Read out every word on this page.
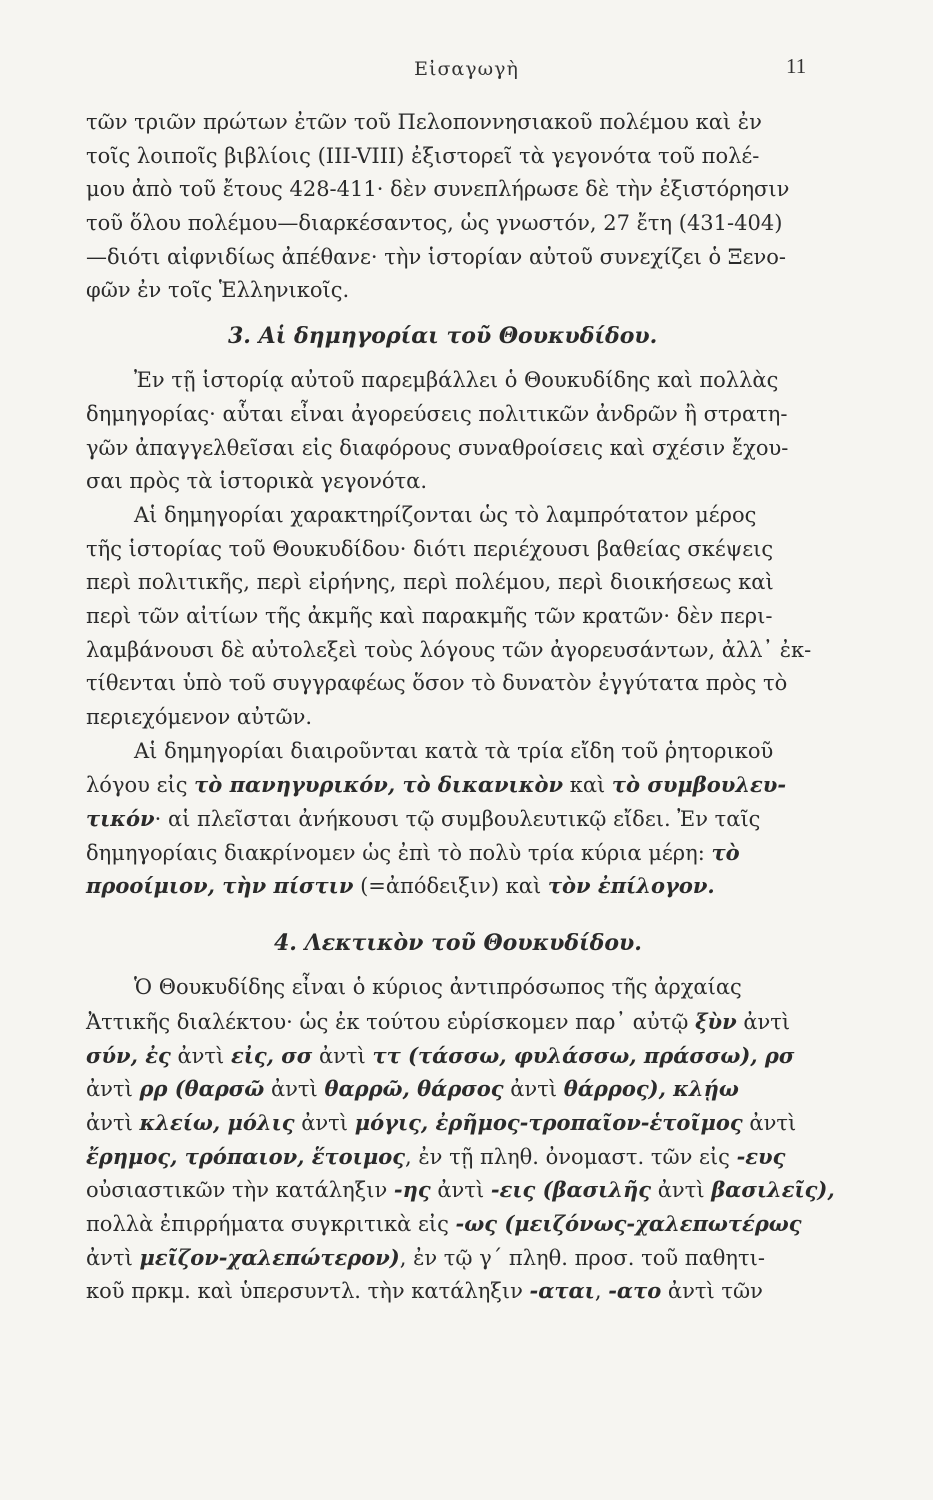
Εἰσαγωγὴ	11
τῶν τριῶν πρώτων ἐτῶν τοῦ Πελοποννησιακοῦ πολέμου καὶ ἐν
τοῖς λοιποῖς βιβλίοις (III-VIII) ἐξιστορεῖ τὰ γεγονότα τοῦ πολέ-
μου ἀπὸ τοῦ ἔτους 428-411· δὲν συνεπλήρωσε δὲ τὴν ἐξιστόρησιν
τοῦ ὅλου πολέμου—διαρκέσαντος, ὡς γνωστόν, 27 ἔτη (431-404)
—διότι αἰφνιδίως ἀπέθανε· τὴν ἱστορίαν αὐτοῦ συνεχίζει ὁ Ξενο-
φῶν ἐν τοῖς Ἑλληνικοῖς.
3. Αἱ δημηγορίαι τοῦ Θουκυδίδου.
Ἐν τῇ ἱστορίᾳ αὐτοῦ παρεμβάλλει ὁ Θουκυδίδης καὶ πολλὰς
δημηγορίας· αὗται εἶναι ἀγορεύσεις πολιτικῶν ἀνδρῶν ἢ στρατη-
γῶν ἀπαγγελθεῖσαι εἰς διαφόρους συναθροίσεις καὶ σχέσιν ἔχου-
σαι πρὸς τὰ ἱστορικὰ γεγονότα.
Αἱ δημηγορίαι χαρακτηρίζονται ὡς τὸ λαμπρότατον μέρος
τῆς ἱστορίας τοῦ Θουκυδίδου· διότι περιέχουσι βαθείας σκέψεις
περὶ πολιτικῆς, περὶ εἰρήνης, περὶ πολέμου, περὶ διοικήσεως καὶ
περὶ τῶν αἰτίων τῆς ἀκμῆς καὶ παρακμῆς τῶν κρατῶν· δὲν περι-
λαμβάνουσι δὲ αὐτολεξεὶ τοὺς λόγους τῶν ἀγορευσάντων, ἀλλ᾽ ἐκ-
τίθενται ὑπὸ τοῦ συγγραφέως ὅσον τὸ δυνατὸν ἐγγύτατα πρὸς τὸ
περιεχόμενον αὐτῶν.
Αἱ δημηγορίαι διαιροῦνται κατὰ τὰ τρία εἴδη τοῦ ῥητορικοῦ
λόγου εἰς τὸ πανηγυρικόν, τὸ δικανικὸν καὶ τὸ συμβουλευ-
τικόν· αἱ πλεῖσται ἀνήκουσι τῷ συμβουλευτικῷ εἴδει. Ἐν ταῖς
δημηγορίαις διακρίνομεν ὡς ἐπὶ τὸ πολὺ τρία κύρια μέρη: τὸ
προοίμιον, τὴν πίστιν (=ἀπόδειξιν) καὶ τὸν ἐπίλογον.
4. Λεκτικὸν τοῦ Θουκυδίδου.
Ὁ Θουκυδίδης εἶναι ὁ κύριος ἀντιπρόσωπος τῆς ἀρχαίας
Ἀττικῆς διαλέκτου· ὡς ἐκ τούτου εὑρίσκομεν παρ᾽ αὐτῷ ξὺν ἀντὶ
σύν, ἐς ἀντὶ εἰς, σσ ἀντὶ ττ (τάσσω, φυλάσσω, πράσσω), ρσ
ἀντὶ ρρ (θαρσῶ ἀντὶ θαρρῶ, θάρσος ἀντὶ θάρρος), κλῄω
ἀντὶ κλείω, μόλις ἀντὶ μόγις, ἐρῆμος-τροπαῖον-ἑτοῖμος ἀντὶ
ἔρημος, τρόπαιον, ἕτοιμος, ἐν τῇ πληθ. ὀνομαστ. τῶν εἰς -ευς
οὐσιαστικῶν τὴν κατάληξιν -ης ἀντὶ -εις (βασιλῆς ἀντὶ βασιλεῖς),
πολλὰ ἐπιρρήματα συγκριτικὰ εἰς -ως (μειζόνως-χαλεπωτέρως
ἀντὶ μεῖζον-χαλεπώτερον), ἐν τῷ γ΄ πληθ. προσ. τοῦ παθητι-
κοῦ πρκμ. καὶ ὑπερσυντλ. τὴν κατάληξιν -αται, -ατο ἀντὶ τῶν
